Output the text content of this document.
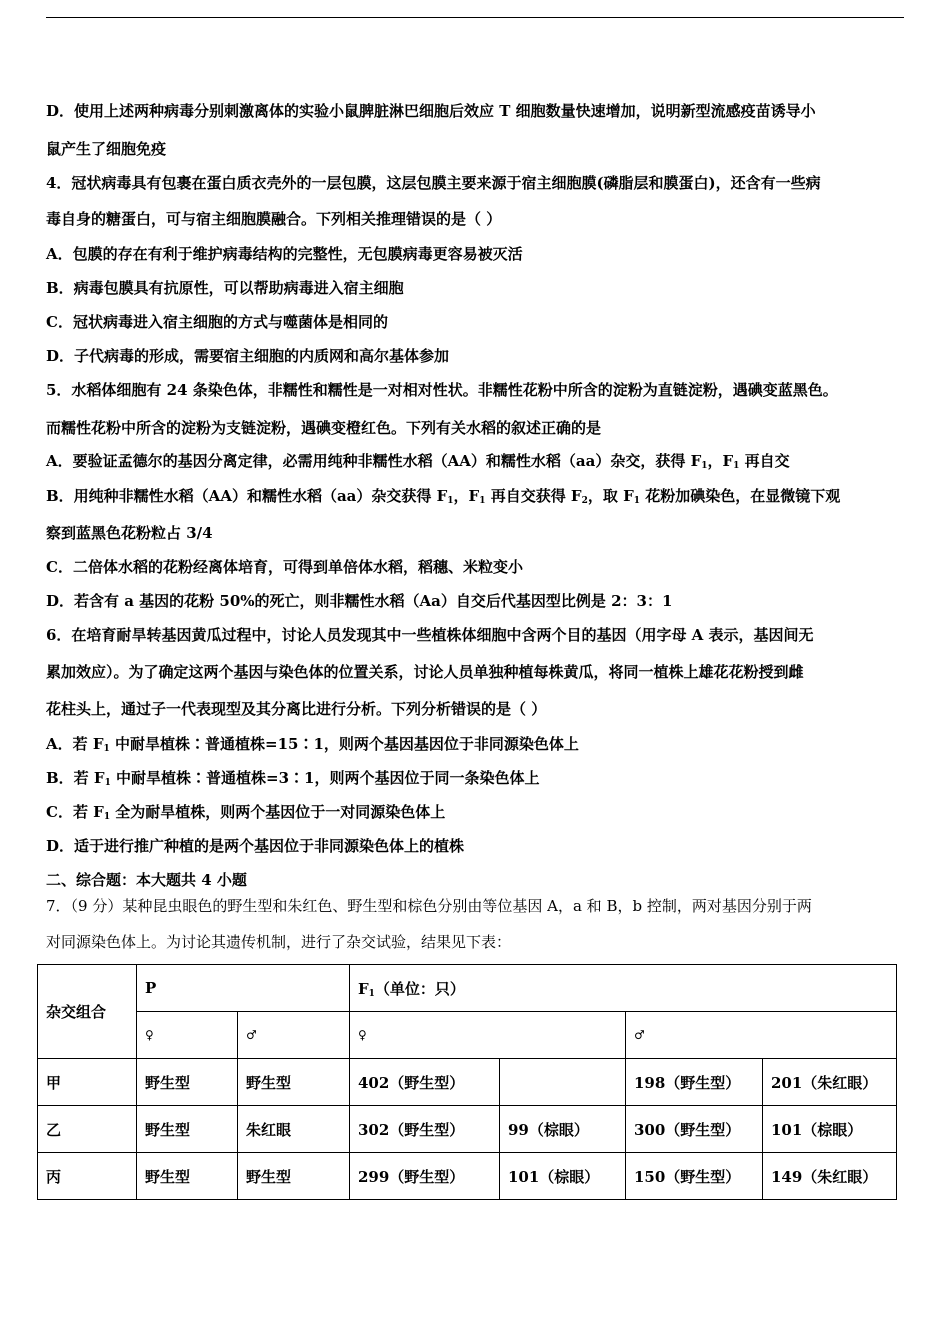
D．使用上述两种病毒分别刺激离体的实验小鼠脾脏淋巴细胞后效应 T 细胞数量快速增加，说明新型流感疫苗诱导小
鼠产生了细胞免疫
4．冠状病毒具有包裹在蛋白质衣壳外的一层包膜，这层包膜主要来源于宿主细胞膜(磷脂层和膜蛋白)，还含有一些病
毒自身的糖蛋白，可与宿主细胞膜融合。下列相关推理错误的是（ ）
A．包膜的存在有利于维护病毒结构的完整性，无包膜病毒更容易被灭活
B．病毒包膜具有抗原性，可以帮助病毒进入宿主细胞
C．冠状病毒进入宿主细胞的方式与噬菌体是相同的
D．子代病毒的形成，需要宿主细胞的内质网和高尔基体参加
5．水稻体细胞有 24 条染色体，非糯性和糯性是一对相对性状。非糯性花粉中所含的淀粉为直链淀粉，遇碘变蓝黑色。
而糯性花粉中所含的淀粉为支链淀粉，遇碘变橙红色。下列有关水稻的叙述正确的是
A．要验证孟德尔的基因分离定律，必需用纯种非糯性水稻（AA）和糯性水稻（aa）杂交，获得 $F_1$，$F_1$ 再自交
B．用纯种非糯性水稻（AA）和糯性水稻（aa）杂交获得 $F_1$，$F_1$ 再自交获得 $F_2$，取 $F_1$ 花粉加碘染色，在显微镜下观
察到蓝黑色花粉粒占 3/4
C．二倍体水稻的花粉经离体培育，可得到单倍体水稻，稻穗、米粒变小
D．若含有 a 基因的花粉 50%的死亡，则非糯性水稻（Aa）自交后代基因型比例是 2：3：1
6．在培育耐旱转基因黄瓜过程中，讨论人员发现其中一些植株体细胞中含两个目的基因（用字母 A 表示，基因间无
累加效应）。为了确定这两个基因与染色体的位置关系，讨论人员单独种植每株黄瓜，将同一植株上雄花花粉授到雌
花柱头上，通过子一代表现型及其分离比进行分析。下列分析错误的是（ ）
A．若 $F_1$ 中耐旱植株∶普通植株=15∶1，则两个基因基因位于非同源染色体上
B．若 $F_1$ 中耐旱植株∶普通植株=3∶1，则两个基因位于同一条染色体上
C．若 $F_1$ 全为耐旱植株，则两个基因位于一对同源染色体上
D．适于进行推广种植的是两个基因位于非同源染色体上的植株
二、综合题：本大题共 4 小题
7．（9 分）某种昆虫眼色的野生型和朱红色、野生型和棕色分别由等位基因 A，a 和 B，b 控制，两对基因分别于两
对同源染色体上。为讨论其遗传机制，进行了杂交试验，结果见下表：
杂交组合	P		$F_1$（单位：只）			
	♀	♂	♀		♂	
甲	野生型	野生型	402（野生型）		198（野生型）	201（朱红眼）
乙	野生型	朱红眼	302（野生型）	99（棕眼）	300（野生型）	101（棕眼）
丙	野生型	野生型	299（野生型）	101（棕眼）	150（野生型）	149（朱红眼）
